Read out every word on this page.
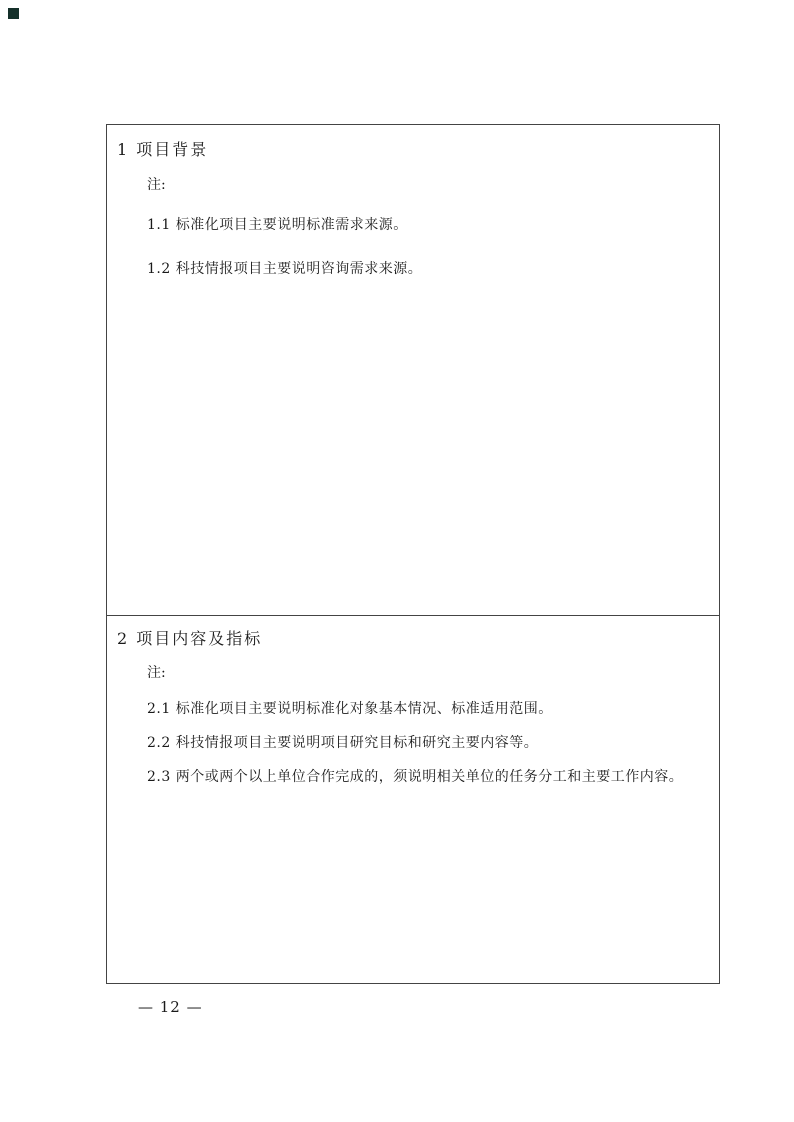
1 项目背景
注:
1.1 标准化项目主要说明标准需求来源。
1.2 科技情报项目主要说明咨询需求来源。
2 项目内容及指标
注:
2.1 标准化项目主要说明标准化对象基本情况、标准适用范围。
2.2 科技情报项目主要说明项目研究目标和研究主要内容等。
2.3 两个或两个以上单位合作完成的，须说明相关单位的任务分工和主要工作内容。
— 12 —
